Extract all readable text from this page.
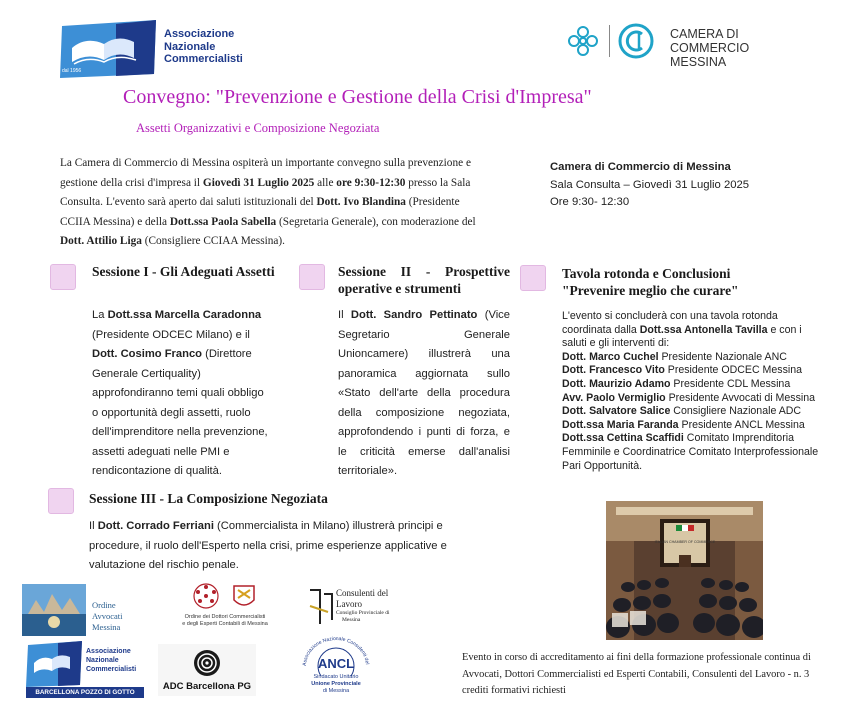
dal 1956
Associazione
Nazionale
Commercialisti
CAMERA DI COMMERCIO
MESSINA
Convegno: "Prevenzione e Gestione della Crisi d'Impresa"
Assetti Organizzativi e Composizione Negoziata
La Camera di Commercio di Messina ospiterà un importante convegno sulla prevenzione e gestione della crisi d'impresa il Giovedì 31 Luglio 2025 alle ore 9:30-12:30 presso la Sala Consulta. L'evento sarà aperto dai saluti istituzionali del Dott. Ivo Blandina (Presidente CCIIA Messina) e della Dott.ssa Paola Sabella (Segretaria Generale), con moderazione del Dott. Attilio Liga (Consigliere CCIAA Messina).
Camera di Commercio di Messina
Sala Consulta – Giovedì 31 Luglio 2025
Ore 9:30- 12:30
Sessione I - Gli Adeguati Assetti
La Dott.ssa Marcella Caradonna (Presidente ODCEC Milano) e il Dott. Cosimo Franco (Direttore Generale Certiquality) approfondiranno temi quali obbligo o opportunità degli assetti, ruolo dell'imprenditore nella prevenzione, assetti adeguati nelle PMI e rendicontazione di qualità.
Sessione II - Prospettive operative e strumenti
Il Dott. Sandro Pettinato (Vice Segretario Generale Unioncamere) illustrerà una panoramica aggiornata sullo «Stato dell'arte della procedura della composizione negoziata, approfondendo i punti di forza, e le criticità emerse dall'analisi territoriale».
Tavola rotonda e Conclusioni
"Prevenire meglio che curare"
L'evento si concluderà con una tavola rotonda coordinata dalla Dott.ssa Antonella Tavilla e con i saluti e gli interventi di:
Dott. Marco Cuchel Presidente Nazionale ANC
Dott. Francesco Vito Presidente ODCEC Messina
Dott. Maurizio Adamo Presidente CDL Messina
Avv. Paolo Vermiglio Presidente Avvocati di Messina
Dott. Salvatore Salice Consigliere Nazionale ADC
Dott.ssa Maria Faranda Presidente ANCL Messina
Dott.ssa Cettina Scaffidi Comitato Imprenditoria Femminile e Coordinatrice Comitato Interprofessionale Pari Opportunità.
Sessione III - La Composizione Negoziata
Il Dott. Corrado Ferriani (Commercialista in Milano) illustrerà principi e procedure, il ruolo dell'Esperto nella crisi, prime esperienze applicative e valutazione del rischio penale.
ITALIAN CHAMBER OF COMMERCE
Evento in corso di accreditamento ai fini della formazione professionale continua di Avvocati, Dottori Commercialisti ed Esperti Contabili, Consulenti del Lavoro - n. 3 crediti formativi richiesti
Ordine
Avvocati
Messina
Ordine dei Dottori Commercialisti
e degli Esperti Contabili di Messina
Consulenti del Lavoro
Consiglio Provinciale di
Messina
Associazione
Nazionale
Commercialisti
BARCELLONA POZZO DI GOTTO
ADC Barcellona PG
Associazione Nazionale Consulenti del
ANCL
Sindacato Unitario
Unione Provinciale
di Messina
